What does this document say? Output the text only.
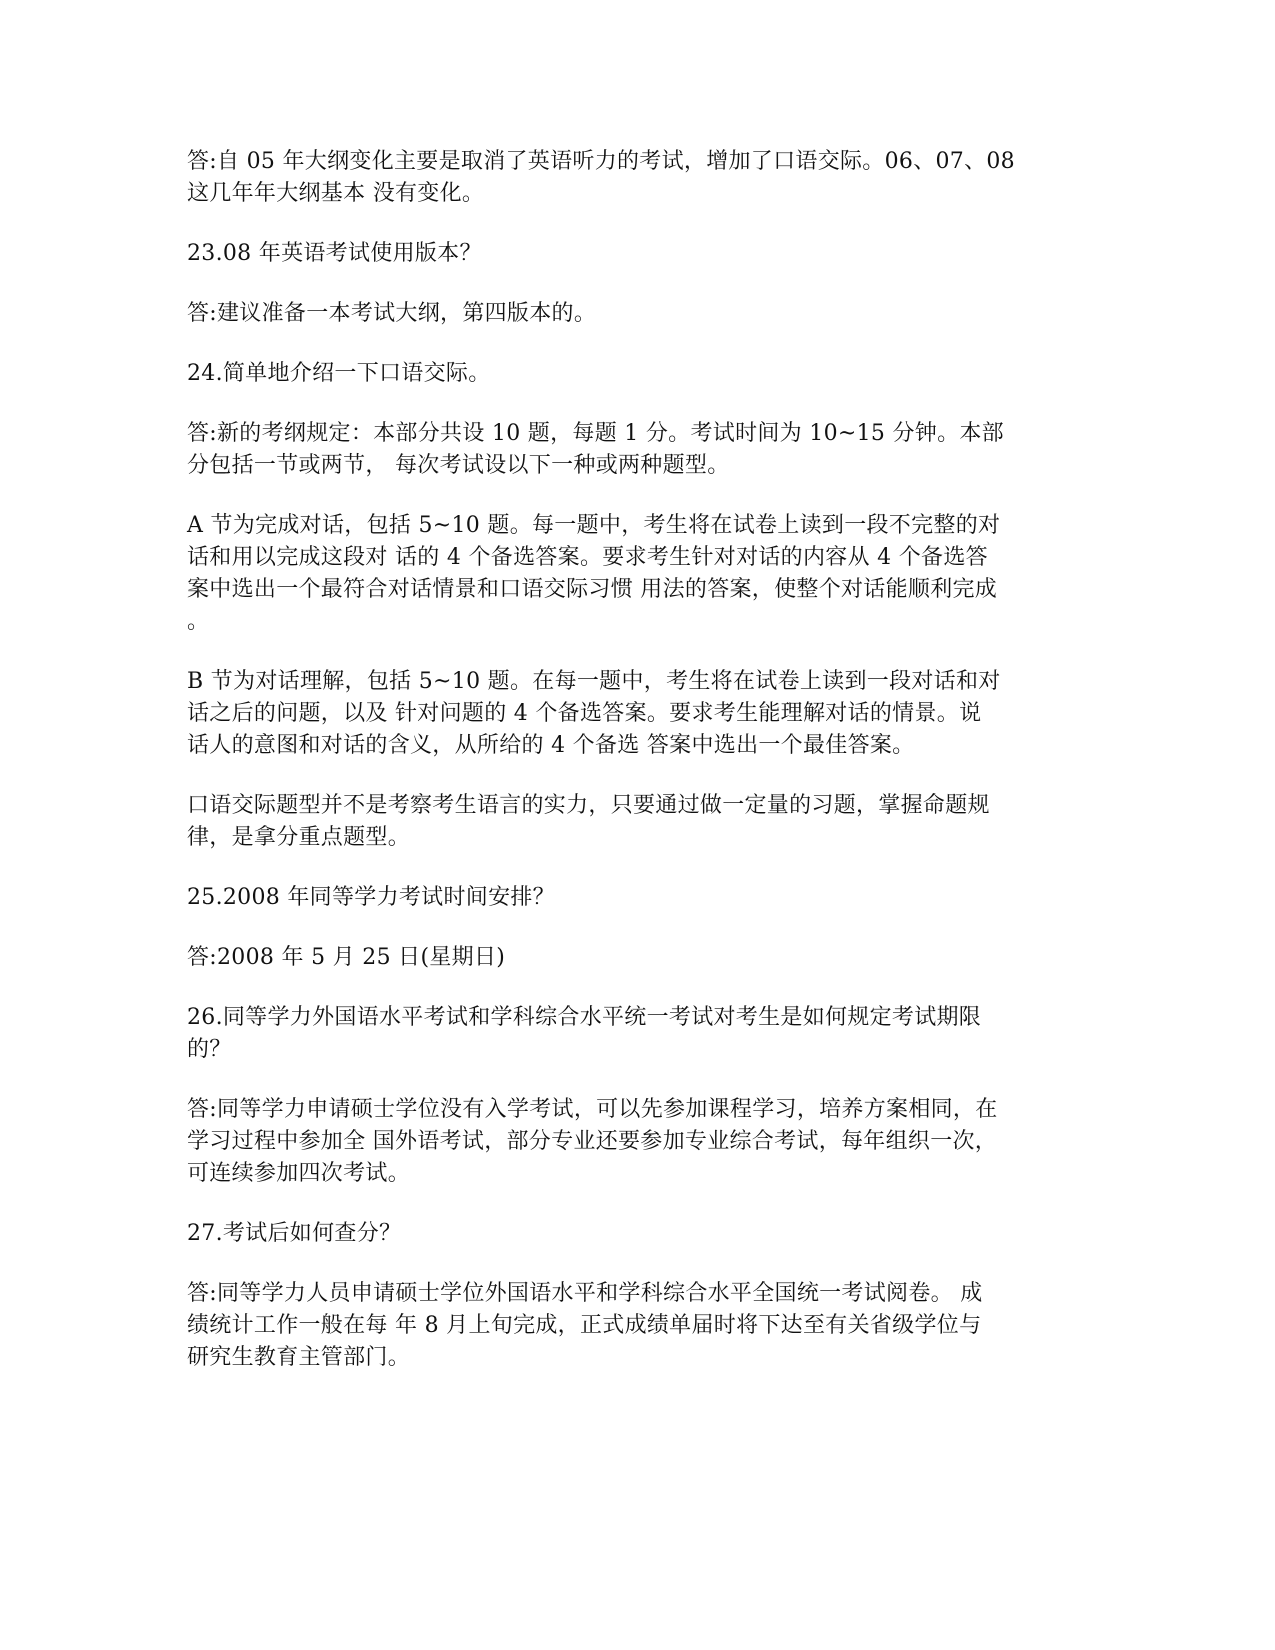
答:自 05 年大纲变化主要是取消了英语听力的考试，增加了口语交际。06、07、08
这几年年大纲基本 没有变化。

23.08 年英语考试使用版本？

答:建议准备一本考试大纲，第四版本的。

24.简单地介绍一下口语交际。

答:新的考纲规定：本部分共设 10 题，每题 1 分。考试时间为 10~15 分钟。本部
分包括一节或两节， 每次考试设以下一种或两种题型。

A 节为完成对话，包括 5~10 题。每一题中，考生将在试卷上读到一段不完整的对
话和用以完成这段对 话的 4 个备选答案。要求考生针对对话的内容从 4 个备选答
案中选出一个最符合对话情景和口语交际习惯 用法的答案，使整个对话能顺利完成
。

B 节为对话理解，包括 5~10 题。在每一题中，考生将在试卷上读到一段对话和对
话之后的问题，以及 针对问题的 4 个备选答案。要求考生能理解对话的情景。说
话人的意图和对话的含义，从所给的 4 个备选 答案中选出一个最佳答案。

口语交际题型并不是考察考生语言的实力，只要通过做一定量的习题，掌握命题规
律，是拿分重点题型。

25.2008 年同等学力考试时间安排？

答:2008 年 5 月 25 日(星期日)

26.同等学力外国语水平考试和学科综合水平统一考试对考生是如何规定考试期限
的？

答:同等学力申请硕士学位没有入学考试，可以先参加课程学习，培养方案相同，在
学习过程中参加全 国外语考试，部分专业还要参加专业综合考试，每年组织一次，
可连续参加四次考试。

27.考试后如何查分？

答:同等学力人员申请硕士学位外国语水平和学科综合水平全国统一考试阅卷。 成
绩统计工作一般在每 年 8 月上旬完成，正式成绩单届时将下达至有关省级学位与
研究生教育主管部门。
